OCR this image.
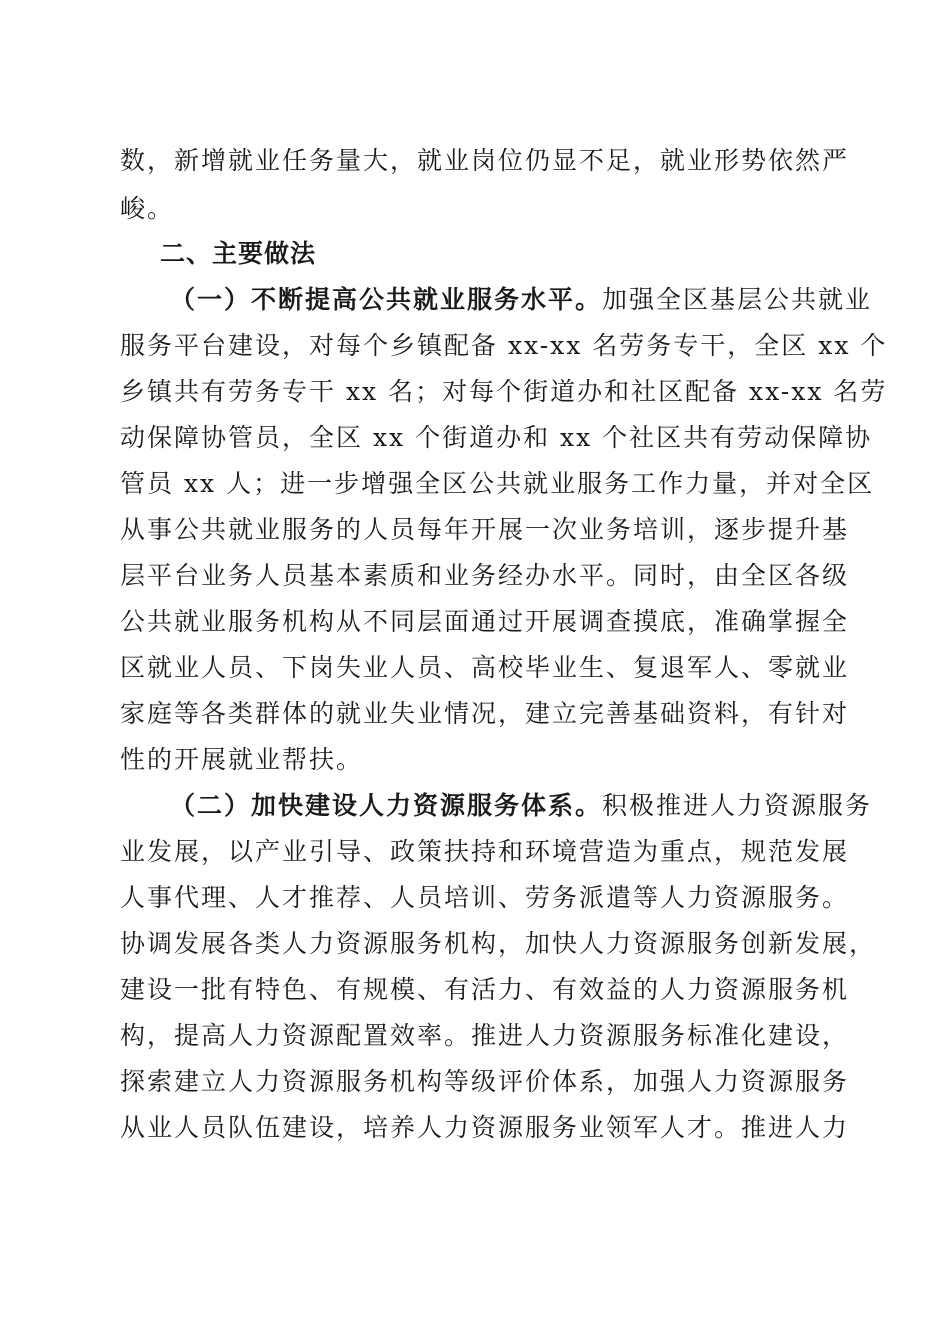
数，新增就业任务量大，就业岗位仍显不足，就业形势依然严
峻。
二、主要做法
（一）不断提高公共就业服务水平。加强全区基层公共就业
服务平台建设，对每个乡镇配备 xx-xx 名劳务专干，全区 xx 个
乡镇共有劳务专干 xx 名；对每个街道办和社区配备 xx-xx 名劳
动保障协管员，全区 xx 个街道办和 xx 个社区共有劳动保障协
管员 xx 人；进一步增强全区公共就业服务工作力量，并对全区
从事公共就业服务的人员每年开展一次业务培训，逐步提升基
层平台业务人员基本素质和业务经办水平。同时，由全区各级
公共就业服务机构从不同层面通过开展调查摸底，准确掌握全
区就业人员、下岗失业人员、高校毕业生、复退军人、零就业
家庭等各类群体的就业失业情况，建立完善基础资料，有针对
性的开展就业帮扶。
（二）加快建设人力资源服务体系。积极推进人力资源服务
业发展，以产业引导、政策扶持和环境营造为重点，规范发展
人事代理、人才推荐、人员培训、劳务派遣等人力资源服务。
协调发展各类人力资源服务机构，加快人力资源服务创新发展，
建设一批有特色、有规模、有活力、有效益的人力资源服务机
构，提高人力资源配置效率。推进人力资源服务标准化建设，
探索建立人力资源服务机构等级评价体系，加强人力资源服务
从业人员队伍建设，培养人力资源服务业领军人才。推进人力
